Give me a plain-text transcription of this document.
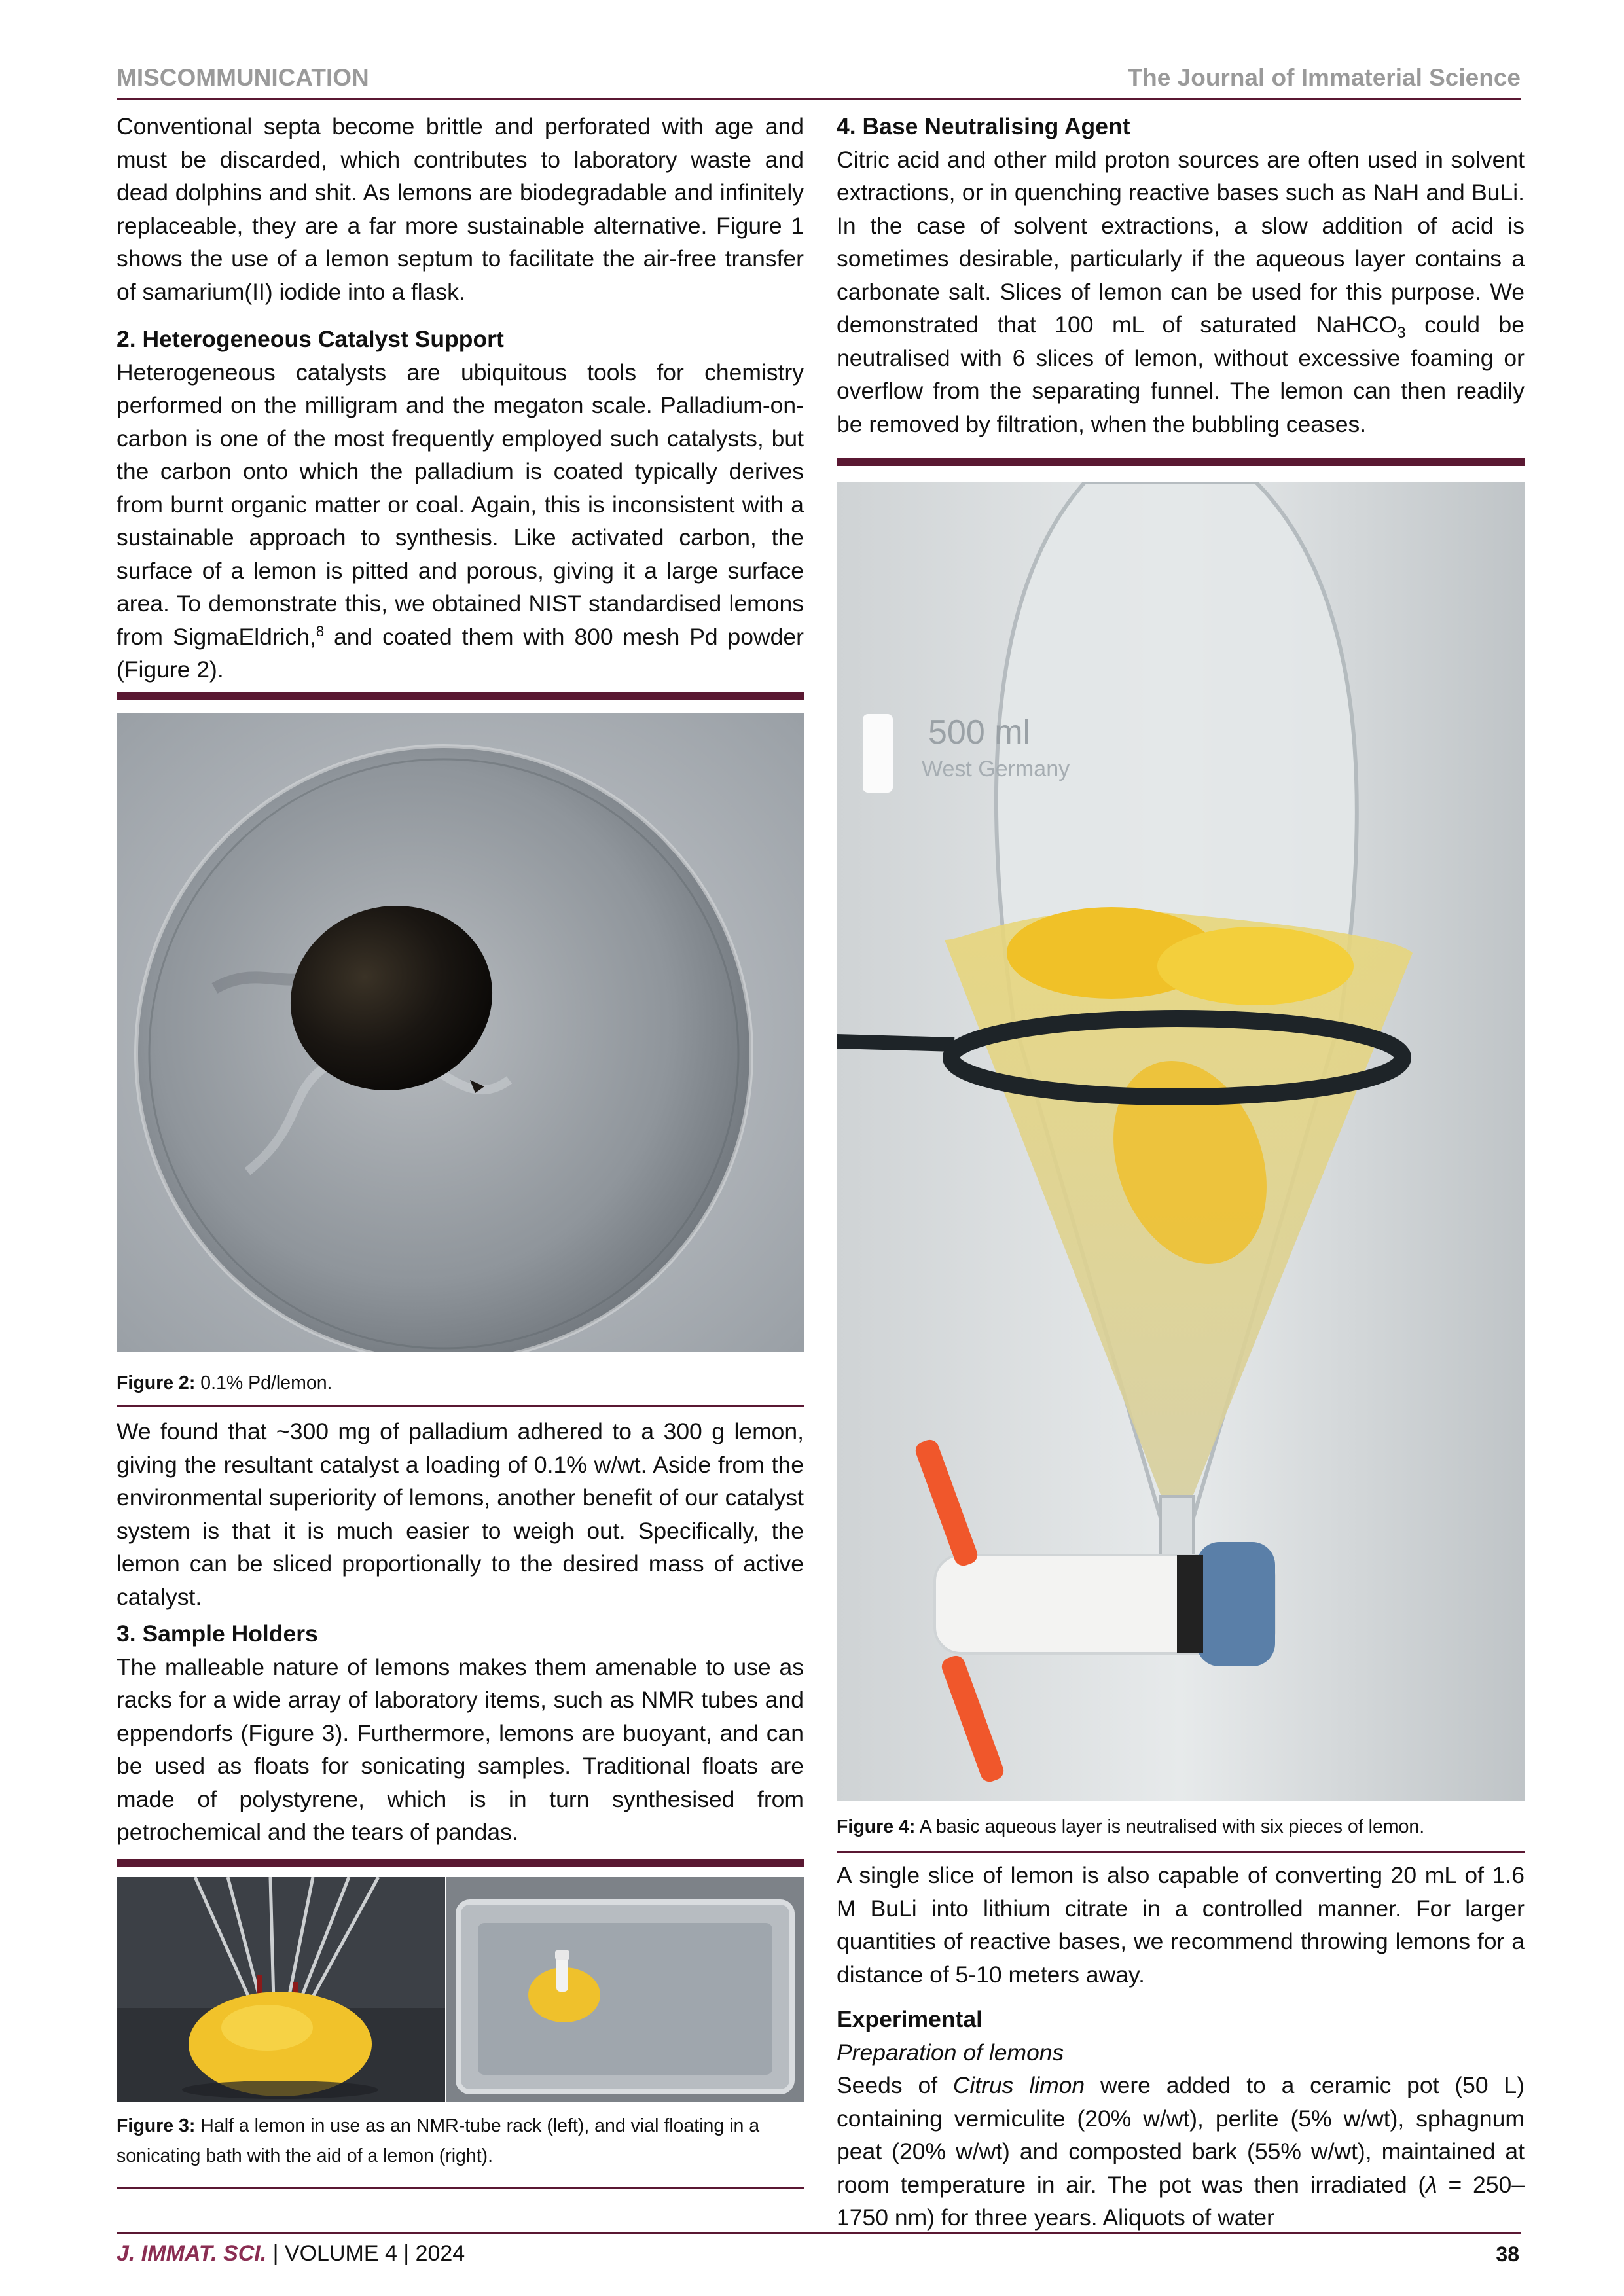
MISCOMMUNICATION	The Journal of Immaterial Science

Conventional septa become brittle and perforated with age and must be discarded, which contributes to laboratory waste and dead dolphins and shit. As lemons are biodegradable and infinitely replaceable, they are a far more sustainable alternative. Figure 1 shows the use of a lemon septum to facilitate the air-free transfer of samarium(II) iodide into a flask.

2. Heterogeneous Catalyst Support

Heterogeneous catalysts are ubiquitous tools for chemistry performed on the milligram and the megaton scale. Palladium-on-carbon is one of the most frequently employed such catalysts, but the carbon onto which the palladium is coated typically derives from burnt organic matter or coal. Again, this is inconsistent with a sustainable approach to synthesis. Like activated carbon, the surface of a lemon is pitted and porous, giving it a large surface area. To demonstrate this, we obtained NIST standardised lemons from SigmaEldrich,$^8$ and coated them with 800 mesh Pd powder (Figure 2).

Figure 2: 0.1% Pd/lemon.

We found that ~300 mg of palladium adhered to a 300 g lemon, giving the resultant catalyst a loading of 0.1% w/wt. Aside from the environmental superiority of lemons, another benefit of our catalyst system is that it is much easier to weigh out. Specifically, the lemon can be sliced proportionally to the desired mass of active catalyst.

3. Sample Holders

The malleable nature of lemons makes them amenable to use as racks for a wide array of laboratory items, such as NMR tubes and eppendorfs (Figure 3). Furthermore, lemons are buoyant, and can be used as floats for sonicating samples. Traditional floats are made of polystyrene, which is in turn synthesised from petrochemical and the tears of pandas.

Figure 3: Half a lemon in use as an NMR-tube rack (left), and vial floating in a sonicating bath with the aid of a lemon (right).
4. Base Neutralising Agent

Citric acid and other mild proton sources are often used in solvent extractions, or in quenching reactive bases such as NaH and BuLi. In the case of solvent extractions, a slow addition of acid is sometimes desirable, particularly if the aqueous layer contains a carbonate salt. Slices of lemon can be used for this purpose. We demonstrated that 100 mL of saturated NaHCO$_3$ could be neutralised with 6 slices of lemon, without excessive foaming or overflow from the separating funnel. The lemon can then readily be removed by filtration, when the bubbling ceases.

500 ml
West Germany
Figure 4: A basic aqueous layer is neutralised with six pieces of lemon.

A single slice of lemon is also capable of converting 20 mL of 1.6 M BuLi into lithium citrate in a controlled manner. For larger quantities of reactive bases, we recommend throwing lemons for a distance of 5-10 meters away.

Experimental

Preparation of lemons

Seeds of Citrus limon were added to a ceramic pot (50 L) containing vermiculite (20% w/wt), perlite (5% w/wt), sphagnum peat (20% w/wt) and composted bark (55% w/wt), maintained at room temperature in air. The pot was then irradiated (λ = 250–1750 nm) for three years. Aliquots of water

J. IMMAT. SCI. | VOLUME 4 | 2024	38
